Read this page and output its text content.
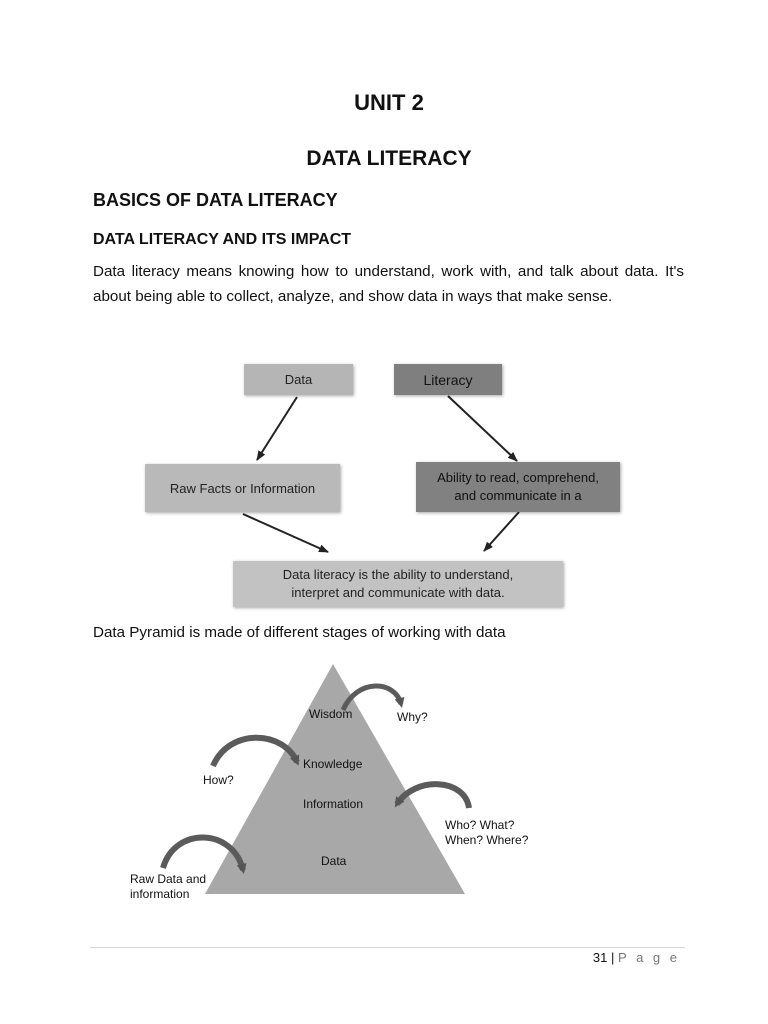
UNIT 2
DATA LITERACY
BASICS OF DATA LITERACY
DATA LITERACY AND ITS IMPACT
Data literacy means knowing how to understand, work with, and talk about data. It's about being able to collect, analyze, and show data in ways that make sense.
Data	Literacy
Raw Facts or Information
Ability to read, comprehend,
and communicate in a
Data literacy is the ability to understand,
interpret and communicate with data.
Data Pyramid is made of different stages of working with data
Wisdom
Knowledge
Information
Data
Why?
How?
Who? What?
When? Where?
Raw Data and
information
31 | P a g e
